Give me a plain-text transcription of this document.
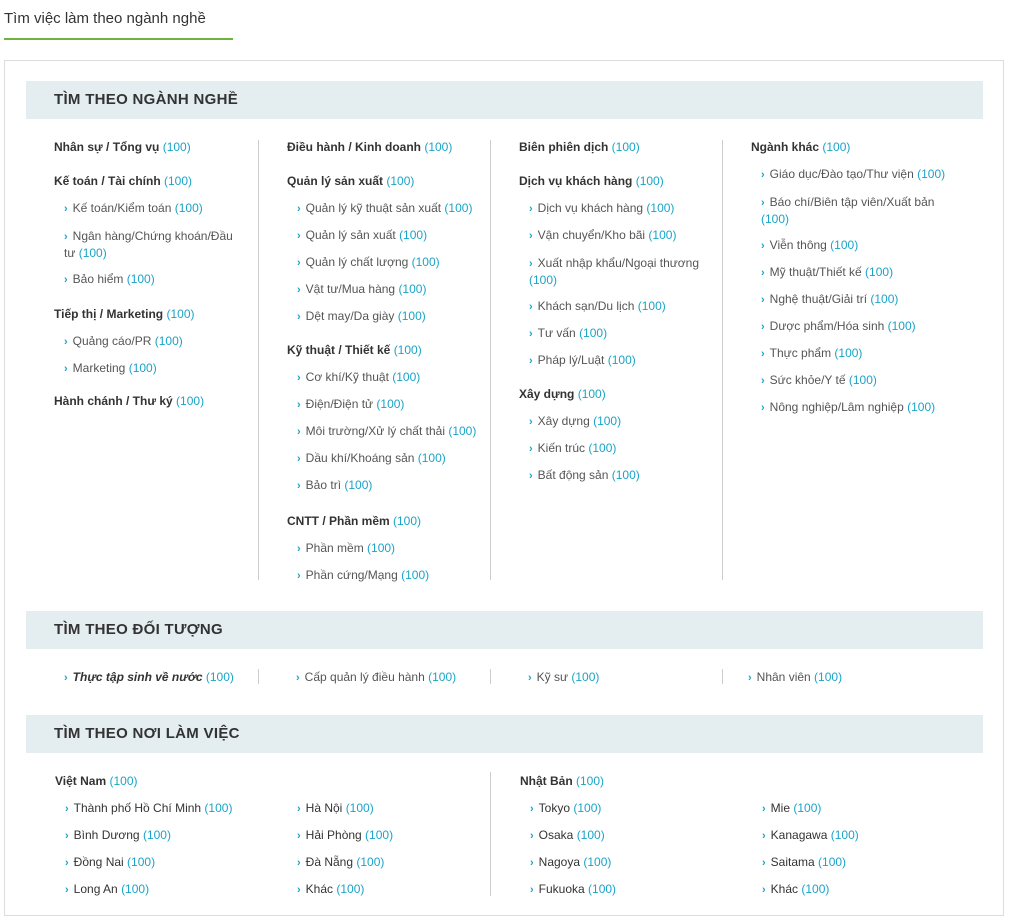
Tìm việc làm theo ngành nghề
TÌM THEO NGÀNH NGHỀ
Nhân sự / Tổng vụ (100)
Kế toán / Tài chính (100)
› Kế toán/Kiểm toán (100)
› Ngân hàng/Chứng khoán/Đầu tư (100)
› Bảo hiểm (100)
Tiếp thị / Marketing (100)
› Quảng cáo/PR (100)
› Marketing (100)
Hành chánh / Thư ký (100)
Điều hành / Kinh doanh (100)
Quản lý sản xuất (100)
› Quản lý kỹ thuật sản xuất (100)
› Quản lý sản xuất (100)
› Quản lý chất lượng (100)
› Vật tư/Mua hàng (100)
› Dệt may/Da giày (100)
Kỹ thuật / Thiết kế (100)
› Cơ khí/Kỹ thuật (100)
› Điện/Điện tử (100)
› Môi trường/Xử lý chất thải (100)
› Dầu khí/Khoáng sản (100)
› Bảo trì (100)
CNTT / Phần mềm (100)
› Phần mềm (100)
› Phần cứng/Mạng (100)
Biên phiên dịch (100)
Dịch vụ khách hàng (100)
› Dịch vụ khách hàng (100)
› Vận chuyển/Kho bãi (100)
› Xuất nhập khẩu/Ngoại thương (100)
› Khách sạn/Du lịch (100)
› Tư vấn (100)
› Pháp lý/Luật (100)
Xây dựng (100)
› Xây dựng (100)
› Kiến trúc (100)
› Bất động sản (100)
Ngành khác (100)
› Giáo dục/Đào tạo/Thư viện (100)
› Báo chí/Biên tập viên/Xuất bản (100)
› Viễn thông (100)
› Mỹ thuật/Thiết kế (100)
› Nghệ thuật/Giải trí (100)
› Dược phẩm/Hóa sinh (100)
› Thực phẩm (100)
› Sức khỏe/Y tế (100)
› Nông nghiệp/Lâm nghiệp (100)
TÌM THEO ĐỐI TƯỢNG
› Thực tập sinh về nước (100)	› Cấp quản lý điều hành (100)	› Kỹ sư (100)	› Nhân viên (100)
TÌM THEO NƠI LÀM VIỆC
Việt Nam (100)
› Thành phố Hồ Chí Minh (100)
› Bình Dương (100)
› Đồng Nai (100)
› Long An (100)
› Hà Nội (100)
› Hải Phòng (100)
› Đà Nẵng (100)
› Khác (100)
Nhật Bản (100)
› Tokyo (100)
› Osaka (100)
› Nagoya (100)
› Fukuoka (100)
› Mie (100)
› Kanagawa (100)
› Saitama (100)
› Khác (100)
